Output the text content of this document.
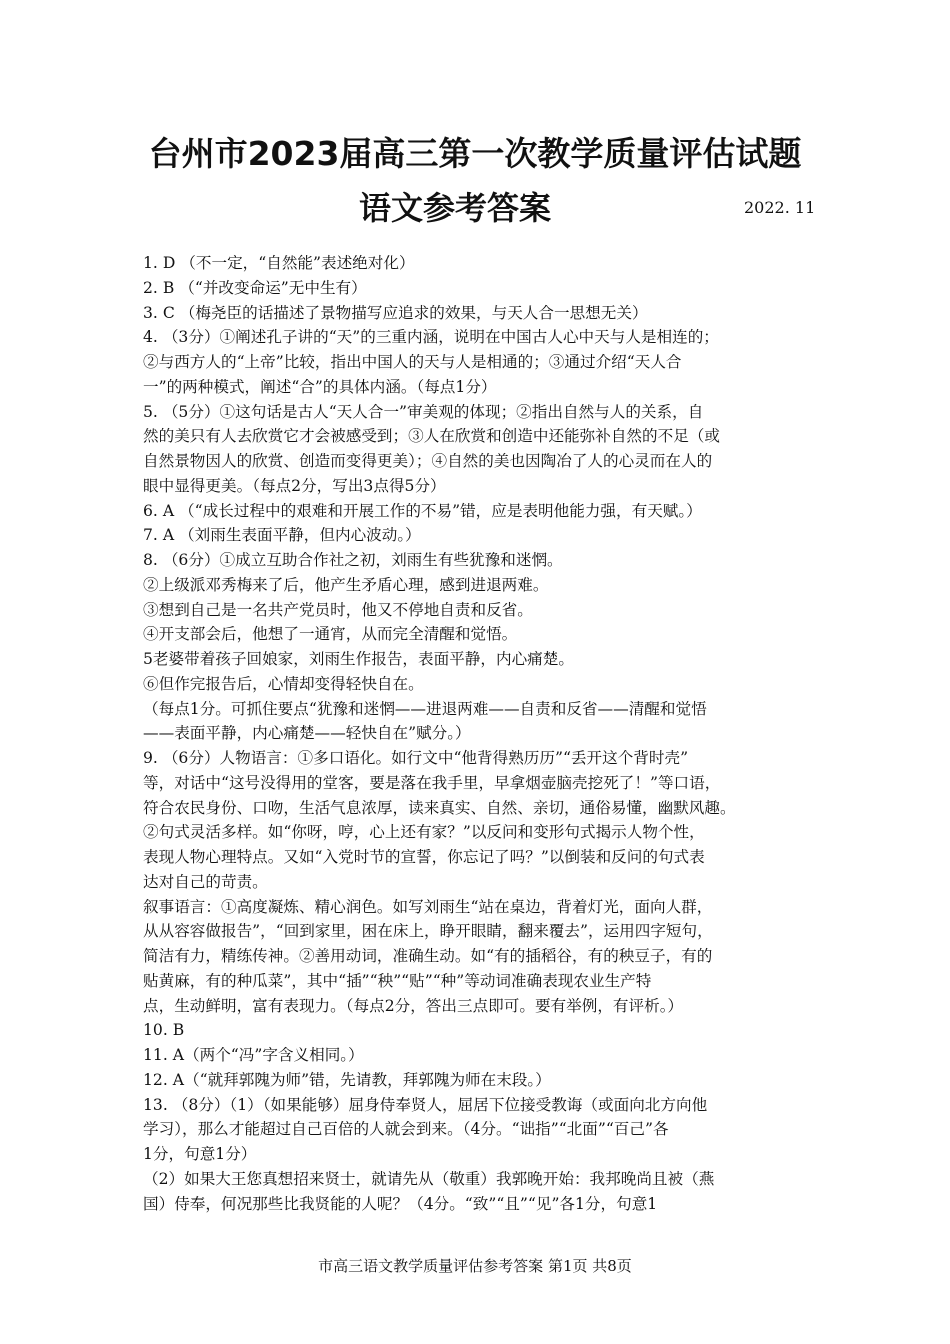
台州市2023届高三第一次教学质量评估试题
语文参考答案	2022. 11
1. D （不一定，“自然能”表述绝对化）
2. B （“并改变命运”无中生有）
3. C （梅尧臣的话描述了景物描写应追求的效果，与天人合一思想无关）
4. （3分）①阐述孔子讲的“天”的三重内涵，说明在中国古人心中天与人是相连的；
②与西方人的“上帝”比较，指出中国人的天与人是相通的；③通过介绍“天人合
一”的两种模式，阐述“合”的具体内涵。（每点1分）
5. （5分）①这句话是古人“天人合一”审美观的体现；②指出自然与人的关系，自
然的美只有人去欣赏它才会被感受到；③人在欣赏和创造中还能弥补自然的不足（或
自然景物因人的欣赏、创造而变得更美）；④自然的美也因陶冶了人的心灵而在人的
眼中显得更美。（每点2分，写出3点得5分）
6. A （“成长过程中的艰难和开展工作的不易”错，应是表明他能力强，有天赋。）
7. A （刘雨生表面平静，但内心波动。）
8. （6分）①成立互助合作社之初，刘雨生有些犹豫和迷惘。
②上级派邓秀梅来了后，他产生矛盾心理，感到进退两难。
③想到自己是一名共产党员时，他又不停地自责和反省。
④开支部会后，他想了一通宵，从而完全清醒和觉悟。
5老婆带着孩子回娘家，刘雨生作报告，表面平静，内心痛楚。
⑥但作完报告后，心情却变得轻快自在。
（每点1分。可抓住要点“犹豫和迷惘——进退两难——自责和反省——清醒和觉悟
——表面平静，内心痛楚——轻快自在”赋分。）
9. （6分）人物语言：①多口语化。如行文中“他背得熟历历”“丢开这个背时壳”
等，对话中“这号没得用的堂客，要是落在我手里，早拿烟壶脑壳挖死了！”等口语，
符合农民身份、口吻，生活气息浓厚，读来真实、自然、亲切，通俗易懂，幽默风趣。
②句式灵活多样。如“你呀，哼，心上还有家？”以反问和变形句式揭示人物个性，
表现人物心理特点。又如“入党时节的宣誓，你忘记了吗？”以倒装和反问的句式表
达对自己的苛责。
叙事语言：①高度凝炼、精心润色。如写刘雨生“站在桌边，背着灯光，面向人群，
从从容容做报告”，“回到家里，困在床上，睁开眼睛，翻来覆去”，运用四字短句，
简洁有力，精练传神。②善用动词，准确生动。如“有的插稻谷，有的秧豆子，有的
贴黄麻，有的种瓜菜”，其中“插”“秧”“贴”“种”等动词准确表现农业生产特
点，生动鲜明，富有表现力。（每点2分，答出三点即可。要有举例，有评析。）
10. B
11. A（两个“冯”字含义相同。）
12. A（“就拜郭隗为师”错，先请教，拜郭隗为师在末段。）
13. （8分）（1）（如果能够）屈身侍奉贤人，屈居下位接受教诲（或面向北方向他
学习），那么才能超过自己百倍的人就会到来。（4分。“诎指”“北面”“百己”各
1分，句意1分）
（2）如果大王您真想招来贤士，就请先从（敬重）我郭晚开始：我邦晚尚且被（燕
国）侍奉，何况那些比我贤能的人呢？（4分。“致”“且”“见”各1分，句意1
市高三语文教学质量评估参考答案 第1页 共8页
